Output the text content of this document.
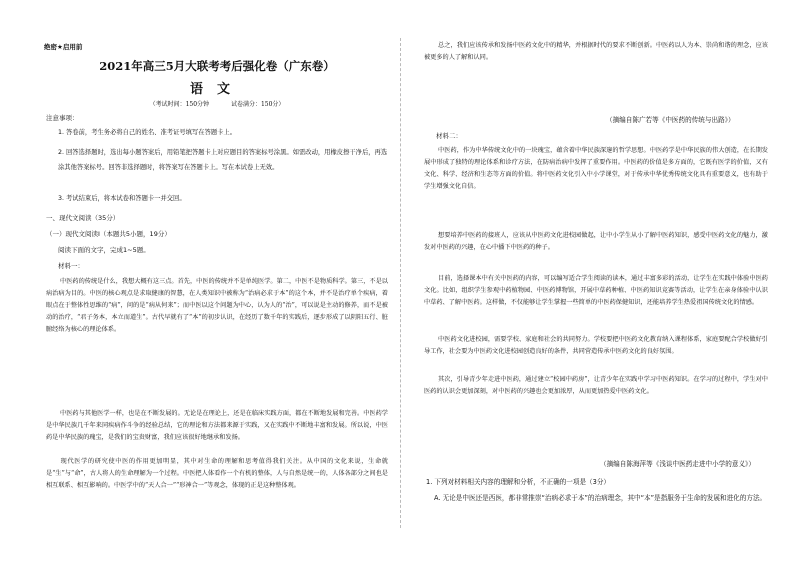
绝密★启用前
2021年高三5月大联考考后强化卷（广东卷）
语文
（考试时间：150分钟	试卷满分：150分）
注意事项：
1. 答卷前，考生务必将自己的姓名、准考证号填写在答题卡上。
2. 回答选择题时，选出每小题答案后，用铅笔把答题卡上对应题目的答案标号涂黑。如需改动，用橡皮擦干净后，再选涂其他答案标号。回答非选择题时，将答案写在答题卡上。写在本试卷上无效。
3. 考试结束后，将本试卷和答题卡一并交回。
一、现代文阅读（35分）
（一）现代文阅读Ⅰ（本题共5小题，19分）
阅读下面的文字，完成1~5题。
材料一：
中医药的传统是什么，我想大概有这三点。首先，中医的传统并不是单纯医学。第二，中医不是物质科学。第三，不是以病治病为目的。中医的核心观点是求取健康的智慧，在人类知识中被称为“治病必求于本”的这个本，并不是治疗单个疾病，着眼点在于整体性思维的“病”，问的是“病从何来”；而中医以这个问题为中心，认为人的“治”，可以说是主动的修养，而不是被动的治疗，“君子务本，本立而道生”。古代早就有了“本”的初步认识，在经历了数千年的实践后，逐步形成了以阴阳五行、脏腑经络为核心的理论体系。
中医药与其他医学一样，也是在不断发展的。无论是在理论上，还是在临床实践方面，都在不断地发展和完善。中医药学是中华民族几千年来同疾病作斗争的经验总结，它的理论和方法都来源于实践，又在实践中不断地丰富和发展。所以说，中医药是中华民族的瑰宝，是我们的宝贵财富，我们应该很好地继承和发扬。
现代医学的研究使中医的作用更加明显，其中对生命的理解和思考值得我们关注。从中国的文化来说，生命就是“生”与“命”，古人将人的生命理解为一个过程。中医把人体看作一个有机的整体，人与自然是统一的，人体各部分之间也是相互联系、相互影响的。中医学中的“天人合一”“形神合一”等观念，体现的正是这种整体观。
总之，我们应该传承和发扬中医药文化中的精华，并根据时代的要求不断创新。中医药以人为本、崇尚和谐的理念，应该被更多的人了解和认同。
（摘编自陈广若等《中医药的传统与出路》）
材料二：
中医药，作为中华传统文化中的一块瑰宝，蕴含着中华民族深邃的哲学思想。中医药学是中华民族的伟大创造，在长期发展中形成了独特的理论体系和诊疗方法，在防病治病中发挥了重要作用。中医药的价值是多方面的，它既有医学的价值，又有文化、科学、经济和生态等方面的价值。将中医药文化引入中小学课堂，对于传承中华优秀传统文化具有重要意义，也有助于学生增强文化自信。
想要培养中医药的接班人，应该从中医药文化进校园做起，让中小学生从小了解中医药知识，感受中医药文化的魅力，激发对中医药的兴趣，在心中播下中医药的种子。
目前，选择课本中有关中医药的内容，可以编写适合学生阅读的读本，通过丰富多彩的活动，让学生在实践中体验中医药文化。比如，组织学生参观中药植物园、中医药博物馆，开展中草药种植、中医药知识竞赛等活动，让学生在亲身体验中认识中草药、了解中医药。这样做，不仅能够让学生掌握一些简单的中医药保健知识，还能培养学生热爱祖国传统文化的情感。
中医药文化进校园，需要学校、家庭和社会的共同努力。学校要把中医药文化教育纳入课程体系，家庭要配合学校做好引导工作，社会要为中医药文化进校园创造良好的条件，共同营造传承中医药文化的良好氛围。
其次，引导青少年走进中医药，通过建立“校园中药房”，让青少年在实践中学习中医药知识。在学习的过程中，学生对中医药的认识会更加深刻，对中医药的兴趣也会更加浓厚，从而更加热爱中医药文化。
（摘编自陈海萍等《浅谈中医药走进中小学的意义》）
1. 下列对材料相关内容的理解和分析，不正确的一项是（3分）
A. 无论是中医还是西医，都非常推崇“治病必求于本”的治病理念，其中“本”是指服务于生命的发展和进化的方法。
